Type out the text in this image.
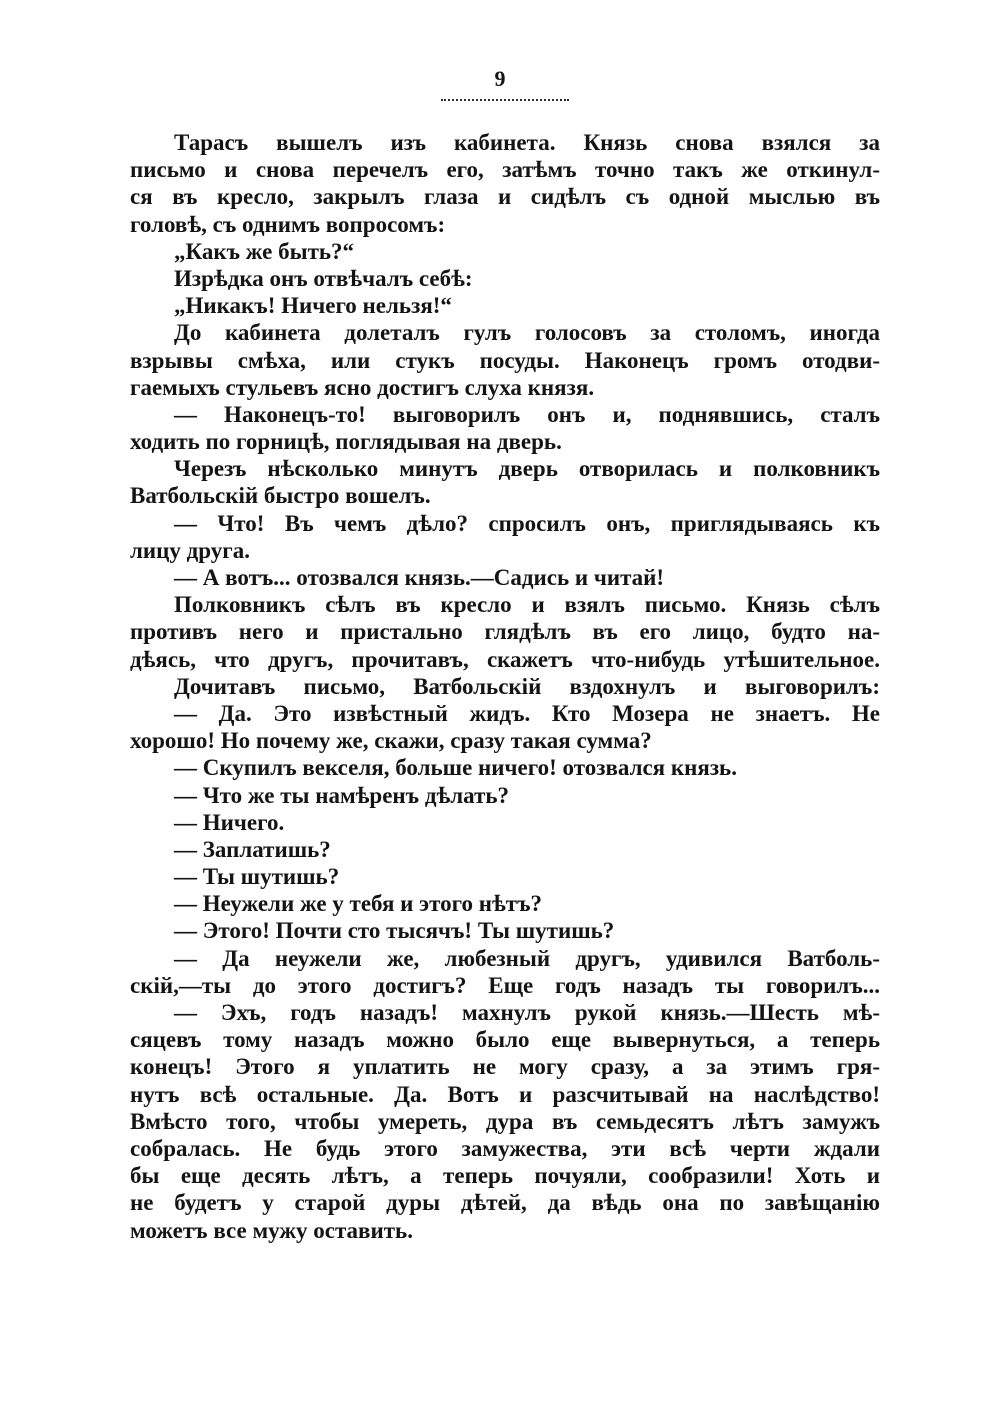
9
Тарасъ вышелъ изъ кабинета. Князь снова взялся за
письмо и снова перечелъ его, затѣмъ точно такъ же откинул-
ся въ кресло, закрылъ глаза и сидѣлъ съ одной мыслью въ
головѣ, съ однимъ вопросомъ:
„Какъ же быть?“
Изрѣдка онъ отвѣчалъ себѣ:
„Никакъ! Ничего нельзя!“
До кабинета долеталъ гулъ голосовъ за столомъ, иногда
взрывы смѣха, или стукъ посуды. Наконецъ громъ отодви-
гаемыхъ стульевъ ясно достигъ слуха князя.
— Наконецъ-то! выговорилъ онъ и, поднявшись, сталъ
ходить по горницѣ, поглядывая на дверь.
Черезъ нѣсколько минутъ дверь отворилась и полковникъ
Ватбольскій быстро вошелъ.
— Что! Въ чемъ дѣло? спросилъ онъ, приглядываясь къ
лицу друга.
— А вотъ... отозвался князь.—Садись и читай!
Полковникъ сѣлъ въ кресло и взялъ письмо. Князь сѣлъ
противъ него и пристально глядѣлъ въ его лицо, будто на-
дѣясь, что другъ, прочитавъ, скажетъ что-нибудь утѣшительное.
Дочитавъ письмо, Ватбольскій вздохнулъ и выговорилъ:
— Да. Это извѣстный жидъ. Кто Мозера не знаетъ. Не
хорошо! Но почему же, скажи, сразу такая сумма?
— Скупилъ векселя, больше ничего! отозвался князь.
— Что же ты намѣренъ дѣлать?
— Ничего.
— Заплатишь?
— Ты шутишь?
— Неужели же у тебя и этого нѣтъ?
— Этого! Почти сто тысячъ! Ты шутишь?
— Да неужели же, любезный другъ, удивился Ватболь-
скій,—ты до этого достигъ? Еще годъ назадъ ты говорилъ...
— Эхъ, годъ назадъ! махнулъ рукой князь.—Шесть мѣ-
сяцевъ тому назадъ можно было еще вывернуться, а теперь
конецъ! Этого я уплатить не могу сразу, а за этимъ гря-
нутъ всѣ остальные. Да. Вотъ и разсчитывай на наслѣдство!
Вмѣсто того, чтобы умереть, дура въ семьдесятъ лѣтъ замужъ
собралась. Не будь этого замужества, эти всѣ черти ждали
бы еще десять лѣтъ, а теперь почуяли, сообразили! Хоть и
не будетъ у старой дуры дѣтей, да вѣдь она по завѣщанію
можетъ все мужу оставить.
